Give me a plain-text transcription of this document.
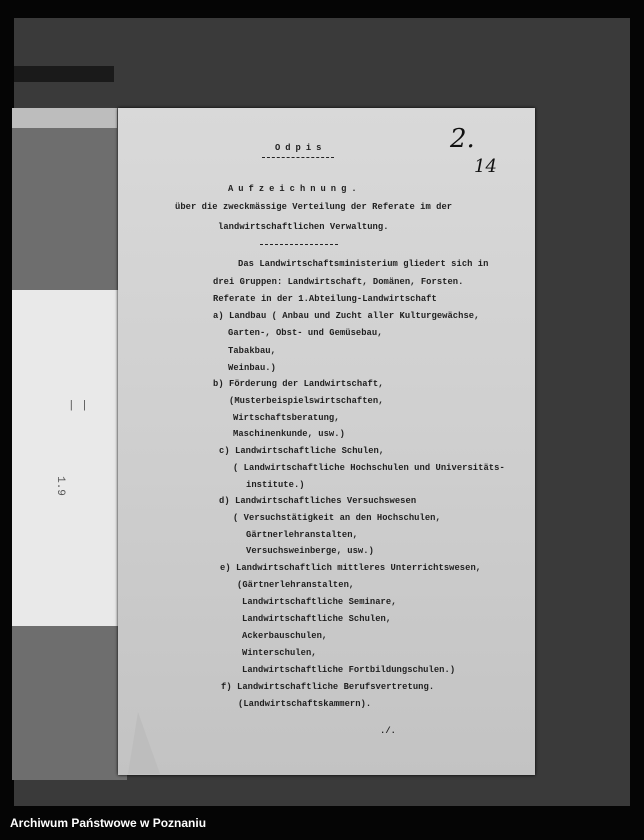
| |
1.9
2.
14
Odpis
Aufzeichnung.
über die zweckmässige Verteilung der Referate im der
landwirtschaftlichen Verwaltung.
Das Landwirtschaftsministerium gliedert sich in
drei Gruppen: Landwirtschaft, Domänen, Forsten.
Referate in der 1.Abteilung-Landwirtschaft
a) Landbau ( Anbau und Zucht aller Kulturgewächse,
Garten-, Obst- und Gemüsebau,
Tabakbau,
Weinbau.)
b) Förderung der Landwirtschaft,
(Musterbeispielswirtschaften,
Wirtschaftsberatung,
Maschinenkunde, usw.)
c) Landwirtschaftliche Schulen,
( Landwirtschaftliche Hochschulen und Universitäts-
institute.)
d) Landwirtschaftliches Versuchswesen
( Versuchstätigkeit an den Hochschulen,
Gärtnerlehranstalten,
Versuchsweinberge, usw.)
e) Landwirtschaftlich mittleres Unterrichtswesen,
(Gärtnerlehranstalten,
Landwirtschaftliche Seminare,
Landwirtschaftliche Schulen,
Ackerbauschulen,
Winterschulen,
Landwirtschaftliche Fortbildungschulen.)
f) Landwirtschaftliche Berufsvertretung.
(Landwirtschaftskammern).
./.
Archiwum Państwowe w Poznaniu
